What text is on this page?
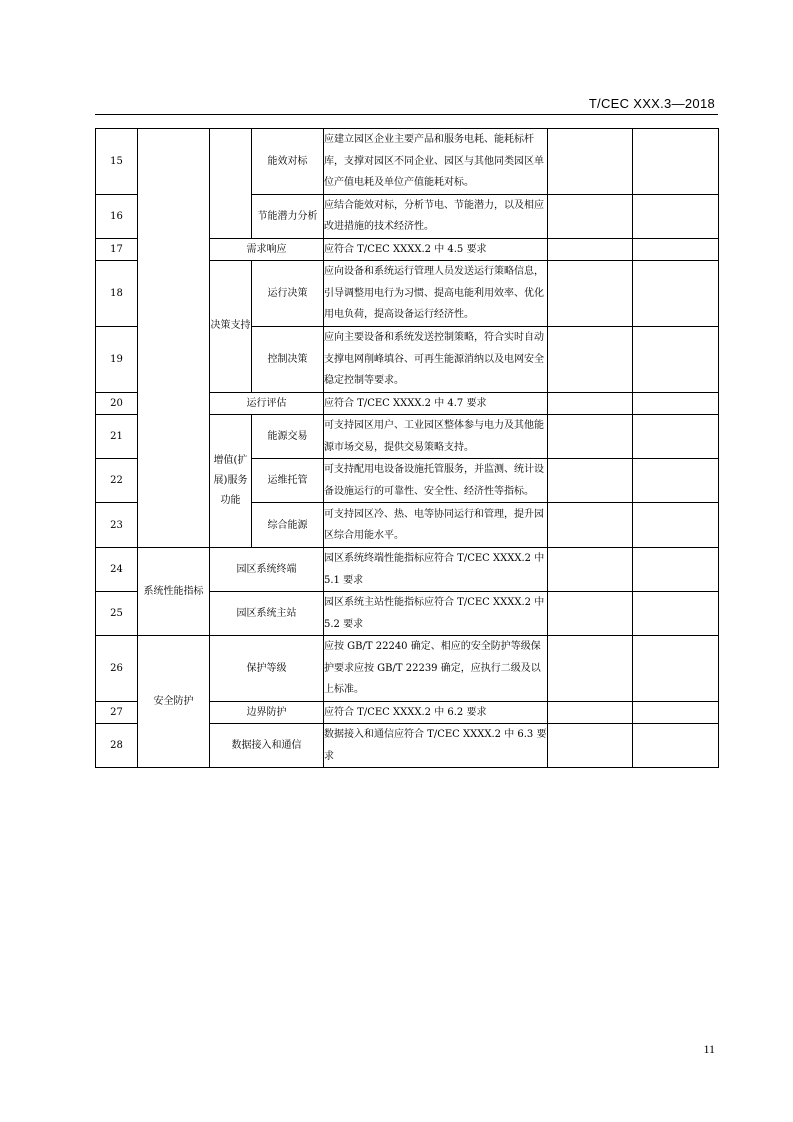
T/CEC XXX.3—2018
15			能效对标	应建立园区企业主要产品和服务电耗、能耗标杆库，支撑对园区不同企业、园区与其他同类园区单位产值电耗及单位产值能耗对标。		
16			节能潜力分析	应结合能效对标，分析节电、节能潜力，以及相应改进措施的技术经济性。		
17		需求响应		应符合 T/CEC XXXX.2 中 4.5 要求		
18		决策支持	运行决策	应向设备和系统运行管理人员发送运行策略信息，引导调整用电行为习惯、提高电能利用效率、优化用电负荷，提高设备运行经济性。		
19			控制决策	应向主要设备和系统发送控制策略，符合实时自动支撑电网削峰填谷、可再生能源消纳以及电网安全稳定控制等要求。		
20		运行评估		应符合 T/CEC XXXX.2 中 4.7 要求		
21		增值(扩展)服务功能	能源交易	可支持园区用户、工业园区整体参与电力及其他能源市场交易，提供交易策略支持。		
22			运维托管	可支持配用电设备设施托管服务，并监测、统计设备设施运行的可靠性、安全性、经济性等指标。		
23			综合能源	可支持园区冷、热、电等协同运行和管理，提升园区综合用能水平。		
24	系统性能指标	园区系统终端		园区系统终端性能指标应符合 T/CEC XXXX.2 中 5.1 要求		
25		园区系统主站		园区系统主站性能指标应符合 T/CEC XXXX.2 中 5.2 要求		
26	安全防护	保护等级		应按 GB/T 22240 确定、相应的安全防护等级保护要求应按 GB/T 22239 确定，应执行二级及以上标准。		
27		边界防护		应符合 T/CEC XXXX.2 中 6.2 要求		
28		数据接入和通信		数据接入和通信应符合 T/CEC XXXX.2 中 6.3 要求		
11
